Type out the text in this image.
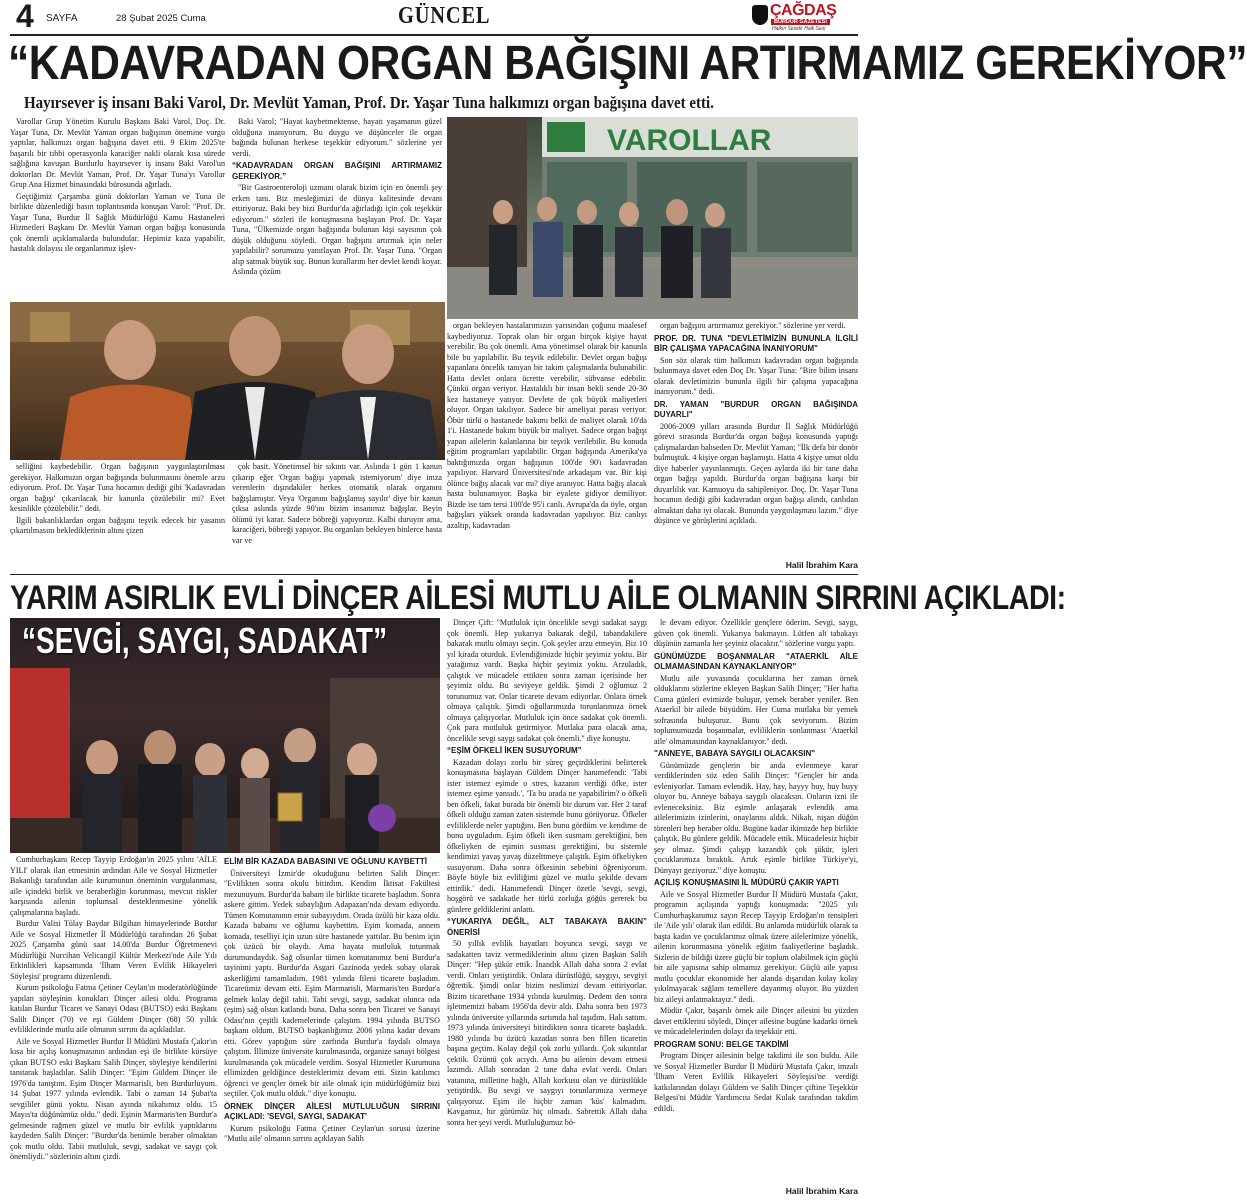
4 SAYFA	28 Şubat 2025 Cuma	GÜNCEL	ÇAĞDAŞ
BURDUR GAZETESİ
Halkın Sesidir Halk Sesi
“KADAVRADAN ORGAN BAĞIŞINI ARTIRMAMIZ GEREKİYOR”
Hayırsever iş insanı Baki Varol, Dr. Mevlüt Yaman, Prof. Dr. Yaşar Tuna halkımızı organ bağışına davet etti.

Varollar Grup Yönetim Kurulu Başkanı Baki Varol, Doç. Dr. Yaşar Tuna, Dr. Mevlüt Yaman organ bağışının önemine vurgu yaptılar, halkımızı organ bağışına davet etti. 9 Ekim 2025'te başarılı bir tıbbi operasyonla karaciğer nakli olarak kısa sürede sağlığına kavuşan Burdurlu hayırsever iş insanı Baki Varol'un doktorları Dr. Mevlüt Yaman, Prof. Dr. Yaşar Tuna'yı Varollar Grup Ana Hizmet binasındaki bürosunda ağırladı.

Geçtiğimiz Çarşamba günü doktorları Yaman ve Tuna ile birlikte düzenlediği basın toplantısında konuşan Varol: "Prof. Dr. Yaşar Tuna, Burdur İl Sağlık Müdürlüğü Kamu Hastaneleri Hizmetleri Başkanı Dr. Mevlüt Yaman organ bağışı konusunda çok önemli açıklamalarda bulundular. Hepimiz kaza yapabilir, hastalık dolayısı ile organlarımız işlev-

Baki Varol; "Hayat kaybetmektense, hayatı yaşamanın güzel olduğuna inanıyorum. Bu duygu ve düşünceler ile organ bağında bulunan herkese teşekkür ediyorum." sözlerine yer verdi.

“KADAVRADAN ORGAN BAĞIŞINI ARTIRMAMIZ GEREKİYOR.”

"Bir Gastroenteroloji uzmanı olarak bizim için en önemli şey erken tanı. Biz mesleğimizi de dünya kalitesinde devam ettiriyoruz. Baki bey bizi Burdur'da ağırladığı için çok teşekkür ediyorum." sözleri ile konuşmasına başlayan Prof. Dr. Yaşar Tuna, "Ülkemizde organ bağışında bulunan kişi sayısının çok düşük olduğunu söyledi. Organ bağışını artırmak için neler yapılabilir? sorumuzu yanıtlayan Prof. Dr. Yaşar Tuna. "Organ alıp satmak büyük suç. Bunun kurallarını her devlet kendi koyar. Aslında çözüm

VAROLLAR

selliğini kaybedebilir. Organ bağışının yaygınlaştırılması gerekiyor. Halkımızın organ bağışında bulunmasını önemle arzu ediyorum. Prof. Dr. Yaşar Tuna hocamın dediği gibi 'Kadavradan organ bağışı' çıkarılacak bir kanunla çözülebilir mi? Evet kesinlikle çözülebilir." dedi.

İlgili bakanlıklardan organ bağışını teşvik edecek bir yasanın çıkartılmasını beklediklerinin altını çizen

çok basit. Yönetimsel bir sıkıntı var. Aslında 1 gün 1 kanun çıkarıp eğer 'Organ bağışı yapmak istemiyorum' diye imza verenlerin dışındakiler herkes otomatik olarak organını bağışlamıştır. Veya 'Organını bağışlamış sayılır' diye bir kanun çıksa aslında yüzde 90'ını bizim insanımız bağışlar. Beyin ölümü iyi karar. Sadece böbreği yapıyoruz. Kalbi duruyor ama, karaciğeri, böbreği yapıyor. Bu organları bekleyen binlerce hasta var ve

organ bekleyen hastalarımızın yarısından çoğunu maalesef kaybediyoruz. Toprak olan bir organ birçok kişiye hayat verebilir. Bu çok önemli. Ama yönetimsel olarak bir kanunla bile bu yapılabilir. Bu teşvik edilebilir. Devlet organ bağışı yapanlara öncelik tanıyan bir takım çalışmalarda bulunabilir. Hatta devlet onlara ücrette verebilir, sübvanse edebilir. Çünkü organ veriyor. Hastalıklı bir insan bekli sende 20-30 kez hastaneye yatıyor. Devlete de çok büyük maliyetleri oluyor. Organ takılıyor. Sadece bir ameliyat parası veriyor. Öbür türlü o hastanede bakımı belki de maliyet olarak 10'da 1'i. Hastanede bakım büyük bir maliyet. Sadece organ bağışı yapan ailelerin kalanlarına bir teşvik verilebilir. Bu konuda eğitim programları yapılabilir. Organ bağışında Amerika'ya baktığımızda organ bağışının 100'de 90'ı kadavradan yapılıyor. Harvard Üniversitesi'nde arkadaşım var. Bir kişi ölünce bağış alacak var mı? diye aranıyor. Hatta bağış alacak hasta bulunamıyor. Başka bir eyalete gidiyor demiliyor. Bizde ise tam tersi 100'de 95'i canlı. Avrupa'da da öyle, organ bağışları yüksek oranda kadavradan yapılıyor. Biz canlıyı azaltıp, kadavradan

organ bağışını artırmamız gerekiyor." sözlerine yer verdi.

PROF. DR. TUNA "DEVLETİMİZİN BUNUNLA İLGİLİ BİR ÇALIŞMA YAPACAĞINA İNANIYORUM"

Son söz olarak tüm halkımızı kadavradan organ bağışında bulunmaya davet eden Doç Dr. Yaşar Tuna: "Bire bilim insanı olarak devletimizin bununla ilgili bir çalışma yapacağına inanıyorum." dedi.

DR. YAMAN "BURDUR ORGAN BAĞIŞINDA DUYARLI"

2006-2009 yılları arasında Burdur İl Sağlık Müdürlüğü görevi sırasında Burdur'da organ bağışı konusunda yaptığı çalışmalardan bahseden Dr. Mevlüt Yaman; "İlk defa bir donör bulmuştuk. 4 kişiye organ başlamıştı. Hatta 4 kişiye umut oldu diye haberler yayınlanmıştı. Geçen aylarda iki bir tane daha organ bağışı yapıldı. Burdur'da organ bağışına karşı bir duyarlılık var. Kamuoyu da sahipleniyor. Doç. Dr. Yaşar Tuna hocamın dediği gibi kadavradan organ bağışı alındı, canlıdan almaktan daha iyi olacak. Bununda yaygınlaşması lazım." diye düşünce ve görüşlerini açıkladı.

Halil İbrahim Kara
YARIM ASIRLIK EVLİ DİNÇER AİLESİ MUTLU AİLE OLMANIN SIRRINI AÇIKLADI:
“SEVGİ, SAYGI, SADAKAT”

Cumhurbaşkanı Recep Tayyip Erdoğan'ın 2025 yılını 'AİLE YILI' olarak ilan etmesinin ardından Aile ve Sosyal Hizmetler Bakanlığı tarafından aile kurumunun öneminin vurgulanması, aile içindeki birlik ve beraberliğin korunması, mevcut riskler karşısında ailenin toplumsal desteklenmesine yönelik çalışmalarına başladı.

Burdur Valisi Tülay Baydar Bilgihan himayelerinde Burdur Aile ve Sosyal Hizmetler İl Müdürlüğü tarafından 26 Şubat 2025 Çarşamba günü saat 14.00'da Burdur Öğretmenevi Müdürlüğü Nurcihan Velicangil Kültür Merkezi'nde Aile Yılı Etkinlikleri kapsamında 'İlham Veren Evlilik Hikayeleri Söyleşisi' programı düzenlendi.

Kurum psikoloğu Fatma Çetiner Ceylan'ın moderatörlüğünde yapılan söyleşinin konukları Dinçer ailesi oldu. Programa katılan Burdur Ticaret ve Sanayi Odası (BUTSO) eski Başkanı Salih Dinçer (70) ve eşi Güldem Dinçer (68) 50 yıllık evliliklerinde mutlu aile olmanın sırrını da açıkladılar.

Aile ve Sosyal Hizmetler Burdur İl Müdürü Mustafa Çakır'ın kısa bir açılış konuşmasının ardından eşi ile birlikte kürsüye çıkan BUTSO eski Başkanı Salih Dinçer, söyleşiye kendilerini tanıtarak başladılar. Salih Dinçer: "Eşim Güldem Dinçer ile 1976'da tanıştım. Eşim Dinçer Marmarisli, ben Burdurluyum. 14 Şubat 1977 yılında evlendik. Tabi o zaman 14 Şubat'ta sevgililer günü yoktu. Nisan ayında nikahımız oldu. 15 Mayıs'ta düğünümüz oldu." dedi. Eşinin Marmaris'ten Burdur'a gelmesinde rağmen güzel ve mutlu bir evlilik yaptıklarını kaydeden Salih Dinçer: "Burdur'da benimle beraber olmaktan çok mutlu oldu. Tabii mutluluk, sevgi, sadakat ve saygı çok önemliydi." sözlerinin altını çizdi.

ELİM BİR KAZADA BABASINI VE OĞLUNU KAYBETTİ

Üniversiteyi İzmir'de okuduğunu belirten Salih Dinçer: "Evlilikten sonra okulu bitirdim. Kendim İktisat Fakültesi mezunuyum. Burdur'da babam ile birlikte ticarete başladım. Sonra askere gittim. Yedek subaylığım Adapazarı'nda devam ediyordu. Tümen Komutanının emir subayıydım. Orada üzülü bir kaza oldu. Kazada babamı ve oğlumu kaybettim. Eşim komada, annem komada, teselliyi için uzun süre hastanede yattılar. Bu benim için çok üzücü bir olaydı. Ama hayata mutluluk tutunmak durumundaydık. Sağ olsunlar tümen komutanımız beni Burdur'a tayinimi yaptı. Burdur'da Asgari Gazinoda yedek subay olarak askerliğimi tamamladım. 1981 yılında fileni ticarete başladım. Ticaretimiz devam etti. Eşim Marmarisli, Marmaris'ten Burdur'a gelmek kolay değil tabii. Tabi sevgi, saygı, sadakat olunca oda (eşim) sağ olsun katlandı buna. Daha sonra ben Ticaret ve Sanayi Odası'nın çeşitli kademelerinde çalıştım. 1994 yılında BUTSO başkanı oldum. BUTSO başkanlığımız 2006 yılına kadar devam etti. Görev yaptığım süre zarfında Burdur'a faydalı olmaya çalıştım. İllimize üniversite kurulmasında, organize sanayi bölgesi kurulmasında çok mücadele verdim. Sosyal Hizmetler Kurumuna ellimizden geldiğince desteklerimiz devam etti. Sizin katılımcı öğrenci ve gençler örnek bir aile olmak için müdürlüğümüz bizi seçtiler. Çok mutlu olduk." diye konuştu.

ÖRNEK DİNÇER AİLESİ MUTLULUĞUN SIRRINI AÇIKLADI: 'SEVGİ, SAYGI, SADAKAT'

Kurum psikoloğu Fatma Çetiner Ceylan'un sorusu üzerine "Mutlu aile' olmanın sırrını açıklayan Salih

Dinçer Çift: "Mutluluk için öncelikle sevgi sadakat saygı çok önemli. Hep yukarıya bakarak değil, tabandakilere bakarak mutlu olmayı seçin. Çok şeyler arzu etmeyin. Biz 10 yıl kirada oturduk. Evlendiğimizde hiçbir şeyimiz yoktu. Bir yatağımız vardı. Başka hiçbir şeyimiz yoktu. Arzuladık, çalıştık ve mücadele ettikten sonra zaman içerisinde her şeyimiz oldu. Bu seviyeye geldik. Şimdi 2 oğlumuz 2 torunumuz var. Onlar ticarete devam ediyorlar. Onlara örnek olmaya çalıştık. Şimdi oğullarımızda torunlarımıza örnek olmaya çalışıyorlar. Mutluluk için önce sadakat çok önemli. Çok para mutluluk getirmiyor. Mutlaka para olacak ama, öncelikle sevgi saygı sadakat çok önemli." diye konuştu.

“EŞİM ÖFKELİ İKEN SUSUYORUM”

Kazadan dolayı zorlu bir süreç geçirdiklerini belirterek konuşmasına başlayan Güldem Dinçer hanımefendi: 'Tabi ister istemez eşimde o stres, kazanın verdiği öfke, ister istemez eşime yansıdı.', 'Ta bu arada ne yapabilirim? o öfkeli ben öfkeli, fakat burada bir önemli bir durum var. Her 2 taraf öfkeli olduğu zaman zaten sistemde bunu görüyoruz. Öfkeler evliliklerde neler yaptığını. Ben bunu gördüm ve kendime de bunu uyguladım. Eşim öfkeli iken susmam gerektiğini, ben öfkeliyken de eşimin susması gerektiğini, bu sistemle kendimizi yavaş yavaş düzelttmeye çalıştık. Eşim öfkeliyken susuyorum. Daha sonra öfkesinin sebebini öğreniyorum. Böyle böyle biz evliliğimi güzel ve mutlu şekilde devam ettirdik.' dedi. Hanımefendi Dinçer özetle 'sevgi, sevgi, hoşgörü ve sadakatle her türlü zorluğa göğüs gererek bu günlere geldiklerini anlattı.

“YUKARIYA DEĞİL, ALT TABAKAYA BAKIN” ÖNERİSİ

50 yıllık evlilik hayatları boyunca sevgi, saygı ve sadakatten taviz vermediklerinin altını çizen Başkan Salih Dinçer: "Hep şükür ettik. İnandık Allah daha sonra 2 evlat verdi. Onları yetiştirdik. Onlara dürüstlüğü, saygıyı, sevgiyi öğrettik. Şimdi onlar bizim neslimizi devam ettiriyorlar. Bizim ticarethane 1934 yılında kurulmuş. Dedem den sonra işletmemizi babam 1956'da devir aldı. Daha sonra ben 1973 yılında üniversite yıllarında sırtımda hal taşıdım. Halı sattım. 1973 yılında üniversiteyi bitirdikten sonra ticarete başladık. 1980 yılında bu üzücü kazadan sonra ben fillen ticaretin başına geçtim. Kolay değil çok zorlu yıllardı. Çok sıkıntılar çektik. Üzüntü çok acıydı. Ama bu ailenin devam etmesi lazımdı. Allah sonradan 2 tane daha evlat verdi. Onları vatanına, milletine bağlı, Allah korkusu olan ve dürüstlükle yetiştirdik. Bu sevgi ve saygıyı torunlarımıza vermeye çalışıyoruz. Eşim ile hiçbir zaman 'küs' kalmadım. Kavgamız, hır gürümüz hiç olmadı. Sabrettik Allah daha sonra her şeyi verdi. Mutluluğumuz bö-

le devam ediyor. Özellikle gençlere öderim. Sevgi, saygı, güven çok önemli. Yukarıya bakmayın. Lütfen alt tabakayı düşünün zamanla her şeyiniz olacaktır." sözlerine vurgu yaptı.

GÜNÜMÜZDE BOŞANMALAR "ATAERKİL AİLE OLMAMASINDAN KAYNAKLANIYOR"

Mutlu aile yuvasında çocuklarına her zaman örnek olduklarını sözlerine ekleyen Başkan Salih Dinçer; "Her hafta Cuma günleri evimizde buluşur, yemek beraber yeniler. Ben Ataerkil bir ailede büyüdüm. Her Cuma mutlaka bir yemek sofrasında buluşuruz. Bunu çok seviyorum. Bizim toplumumuzda boşanmalar, evliliklerin sonlanması 'Ataerkil aile' olmamasından kaynaklanıyor." dedi.

"ANNEYE, BABAYA SAYGILI OLACAKSIN"

Günümüzde gençlerin bir anda evlenmeye karar verdiklerinden söz eden Salih Dinçer: "Gençler bir anda evleniyorlar. Tamam evlendik. Hay, hay, hayyy huy, huy huyy oluyor bu. Anneye babaya saygılı olacaksın. Onların izni ile evleneceksiniz. Biz eşimle anlaşarak evlendik ama ailelerimizin izinlerini, onaylarını aldık. Nikah, nişan düğün törenleri hep beraber oldu. Bugüne kadar ikimizde hep birlikte çalıştık. Bu günlere geldik. Mücadele ettik. Mücadelesiz hiçbir şey olmaz. Şimdi çalışıp kazandık çok şükür, işleri çocuklarımıza bıraktık. Artık eşimle birlikte Türkiye'yi, Dünyayı geziyoruz." diye konuştu.

AÇILIŞ KONUŞMASINI İL MÜDÜRÜ ÇAKIR YAPTI

Aile ve Sosyal Hizmetler Burdur İl Müdürü Mustafa Çakır, programın açılışında yaptığı konuşmada: "2025 yılı Cumhurbaşkanımız sayın Recep Tayyip Erdoğan'ın tensipleri ile 'Aile yılı' olarak ilan edildi. Bu anlamda müdürlük olarak ta başta kadın ve çocuklarımız olmak üzere ailelerimize yönelik, ailenin korunmasına yönelik eğitim faaliyetlerine başladık. Sizlerin de bildiği üzere güçlü bir toplum olabilmek için güçlü bir aile yapısına sahip olmamız gerekiyor. Güçlü aile yapısı mutlu çocuklar ekonomide her alanda dışarıdan kolay kolay yıkılmayacak sağlam temellere dayanmış oluyor. Bu yüzden biz aileyi anlatmaktayız." dedi.

Müdür Çakır, başarılı örnek aile Dinçer ailesini bu yüzden davet ettiklerini söyledi, Dinçer ailesine bugüne kadarki örnek ve mücadelelerinden dolayı da teşekkür etti.

PROGRAM SONU: BELGE TAKDİMİ

Program Dinçer ailesinin belge takdimi ile son buldu. Aile ve Sosyal Hizmetler Burdur İl Müdürü Mustafa Çakır, imzalı 'İlham Veren Evlilik Hikayeleri Söyleşisi'ne verdiği katkılarından dolayı Güldem ve Salih Dinçer çiftine Teşekkür Belgesi'ni Müdür Yardımcısı Sedat Kulak tarafından takdim edildi.

Halil İbrahim Kara
